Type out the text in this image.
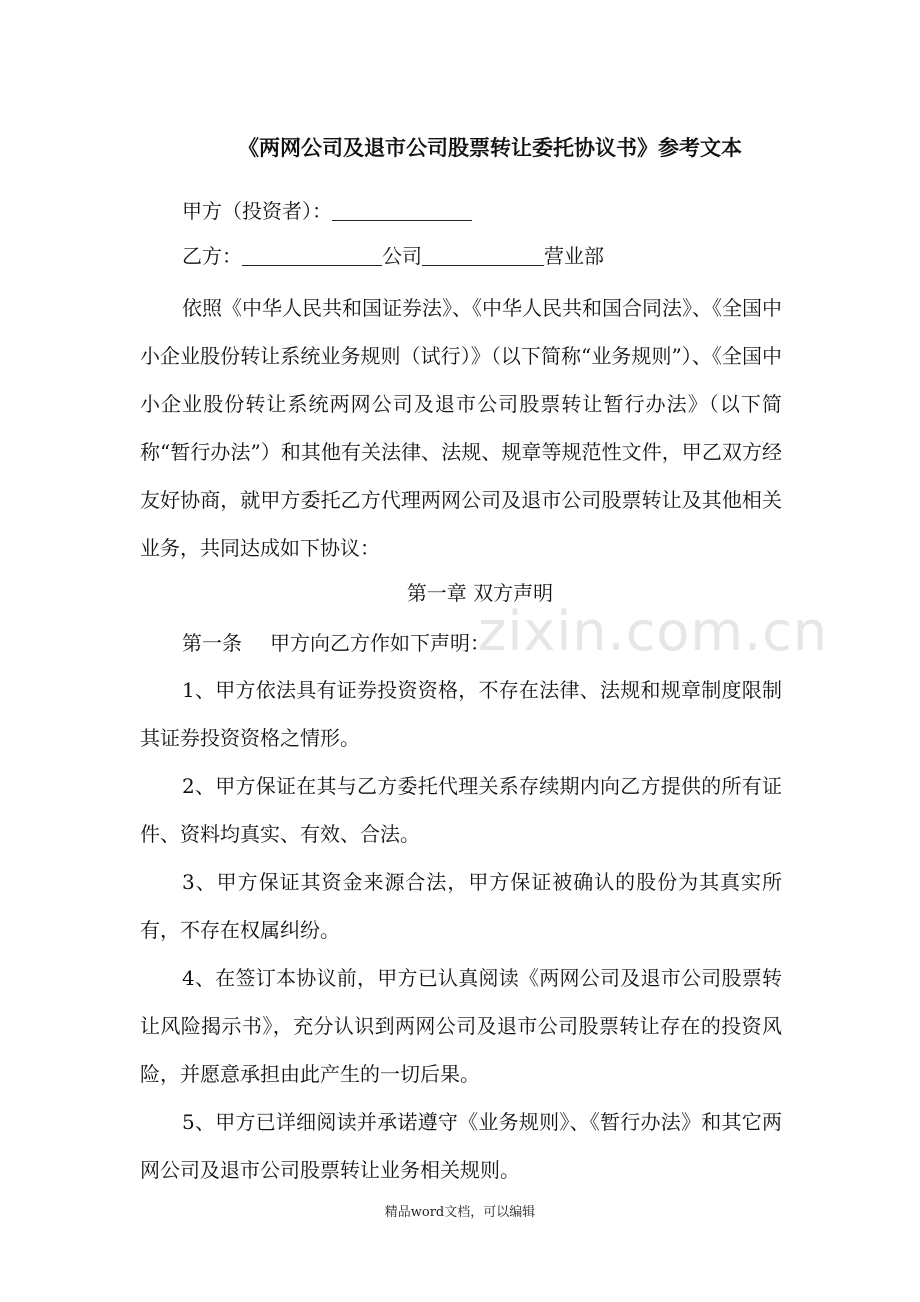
zixin.com.cn
《两网公司及退市公司股票转让委托协议书》参考文本
甲方（投资者）：
乙方：	公司	营业部

依照《中华人民共和国证券法》、《中华人民共和国合同法》、《全国中小企业股份转让系统业务规则（试行）》（以下简称“业务规则”）、《全国中小企业股份转让系统两网公司及退市公司股票转让暂行办法》（以下简称“暂行办法”）和其他有关法律、法规、规章等规范性文件，甲乙双方经友好协商，就甲方委托乙方代理两网公司及退市公司股票转让及其他相关业务，共同达成如下协议：

第一章 双方声明
第一条 甲方向乙方作如下声明：

1、甲方依法具有证券投资资格，不存在法律、法规和规章制度限制其证券投资资格之情形。

2、甲方保证在其与乙方委托代理关系存续期内向乙方提供的所有证件、资料均真实、有效、合法。

3、甲方保证其资金来源合法，甲方保证被确认的股份为其真实所有，不存在权属纠纷。

4、在签订本协议前，甲方已认真阅读《两网公司及退市公司股票转让风险揭示书》，充分认识到两网公司及退市公司股票转让存在的投资风险，并愿意承担由此产生的一切后果。

5、甲方已详细阅读并承诺遵守《业务规则》、《暂行办法》和其它两网公司及退市公司股票转让业务相关规则。

精品word文档，可以编辑
